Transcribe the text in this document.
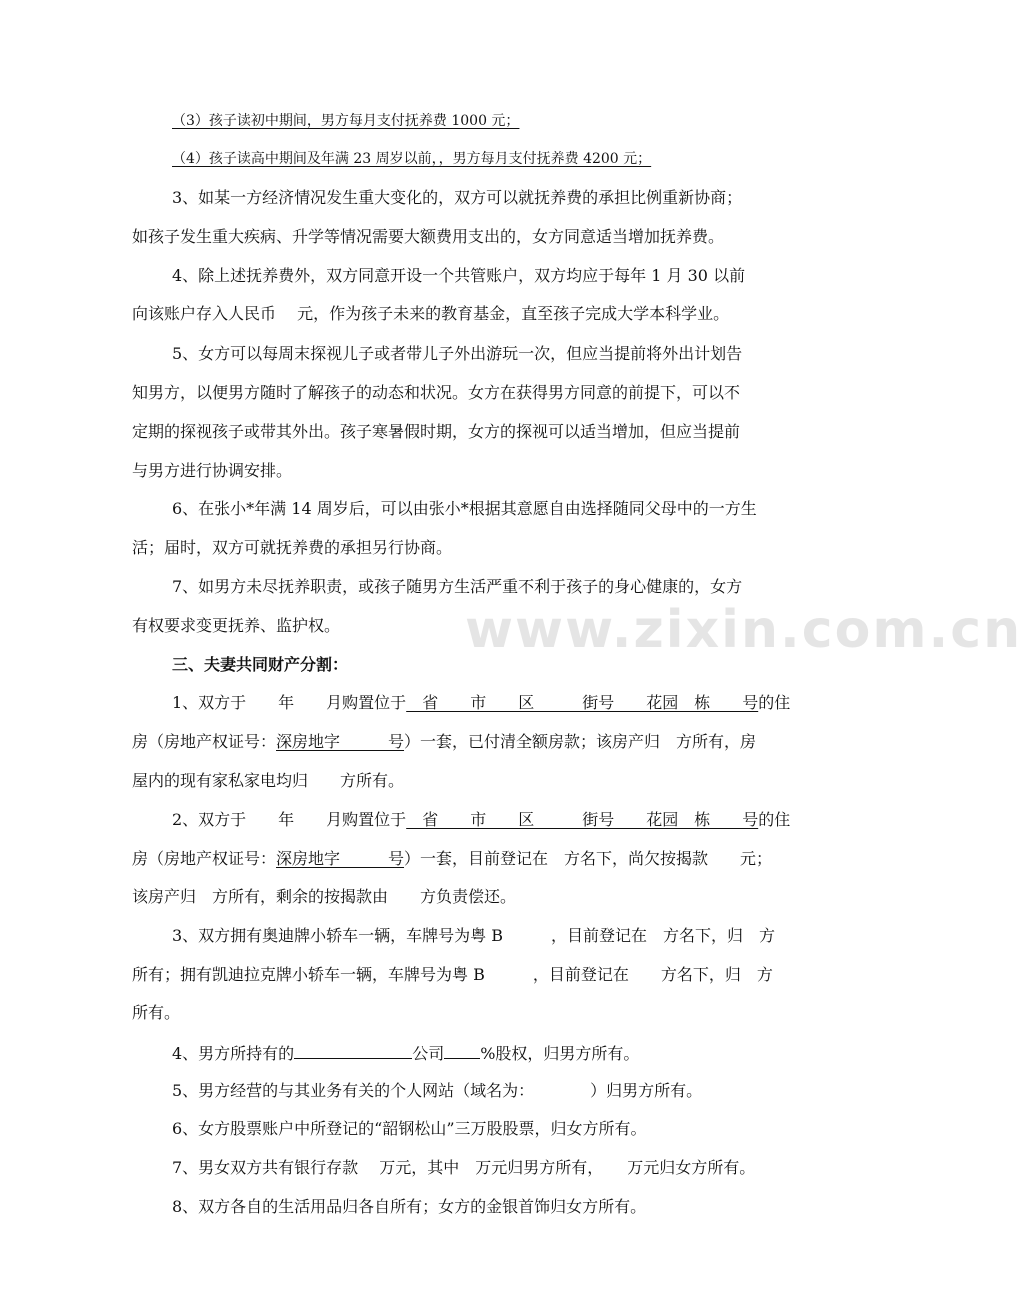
www.zixin.com.cn
（3）孩子读初中期间，男方每月支付抚养费 1000 元；
（4）孩子读高中期间及年满 23 周岁以前，，男方每月支付抚养费 4200 元；
3、如某一方经济情况发生重大变化的，双方可以就抚养费的承担比例重新协商；
如孩子发生重大疾病、升学等情况需要大额费用支出的，女方同意适当增加抚养费。
4、除上述抚养费外，双方同意开设一个共管账户，双方均应于每年 1 月 30 以前
向该账户存入人民币　 元，作为孩子未来的教育基金，直至孩子完成大学本科学业。
5、女方可以每周末探视儿子或者带儿子外出游玩一次，但应当提前将外出计划告
知男方，以便男方随时了解孩子的动态和状况。女方在获得男方同意的前提下，可以不
定期的探视孩子或带其外出。孩子寒暑假时期，女方的探视可以适当增加，但应当提前
与男方进行协调安排。
6、在张小*年满 14 周岁后，可以由张小*根据其意愿自由选择随同父母中的一方生
活；届时，双方可就抚养费的承担另行协商。
7、如男方未尽抚养职责，或孩子随男方生活严重不利于孩子的身心健康的，女方
有权要求变更抚养、监护权。
三、夫妻共同财产分割：
1、双方于　　年　　月购置位于　省　　市　　区　　　街号　　花园　栋　　号的住
房（房地产权证号：深房地字　　　号）一套，已付清全额房款；该房产归　方所有，房
屋内的现有家私家电均归　　方所有。
2、双方于　　年　　月购置位于　省　　市　　区　　　街号　　花园　栋　　号的住
房（房地产权证号：深房地字　　　号）一套，目前登记在　方名下，尚欠按揭款　　元；
该房产归　方所有，剩余的按揭款由　　方负责偿还。
3、双方拥有奥迪牌小轿车一辆，车牌号为粤 B　　　，目前登记在　方名下，归　方
所有；拥有凯迪拉克牌小轿车一辆，车牌号为粤 B　　　，目前登记在　　方名下，归　方
所有。
4、男方所持有的	公司 %股权，归男方所有。
5、男方经营的与其业务有关的个人网站（域名为：　　　　）归男方所有。
6、女方股票账户中所登记的“韶钢松山”三万股股票，归女方所有。
7、男女双方共有银行存款　 万元，其中　万元归男方所有，　　万元归女方所有。
8、双方各自的生活用品归各自所有；女方的金银首饰归女方所有。
